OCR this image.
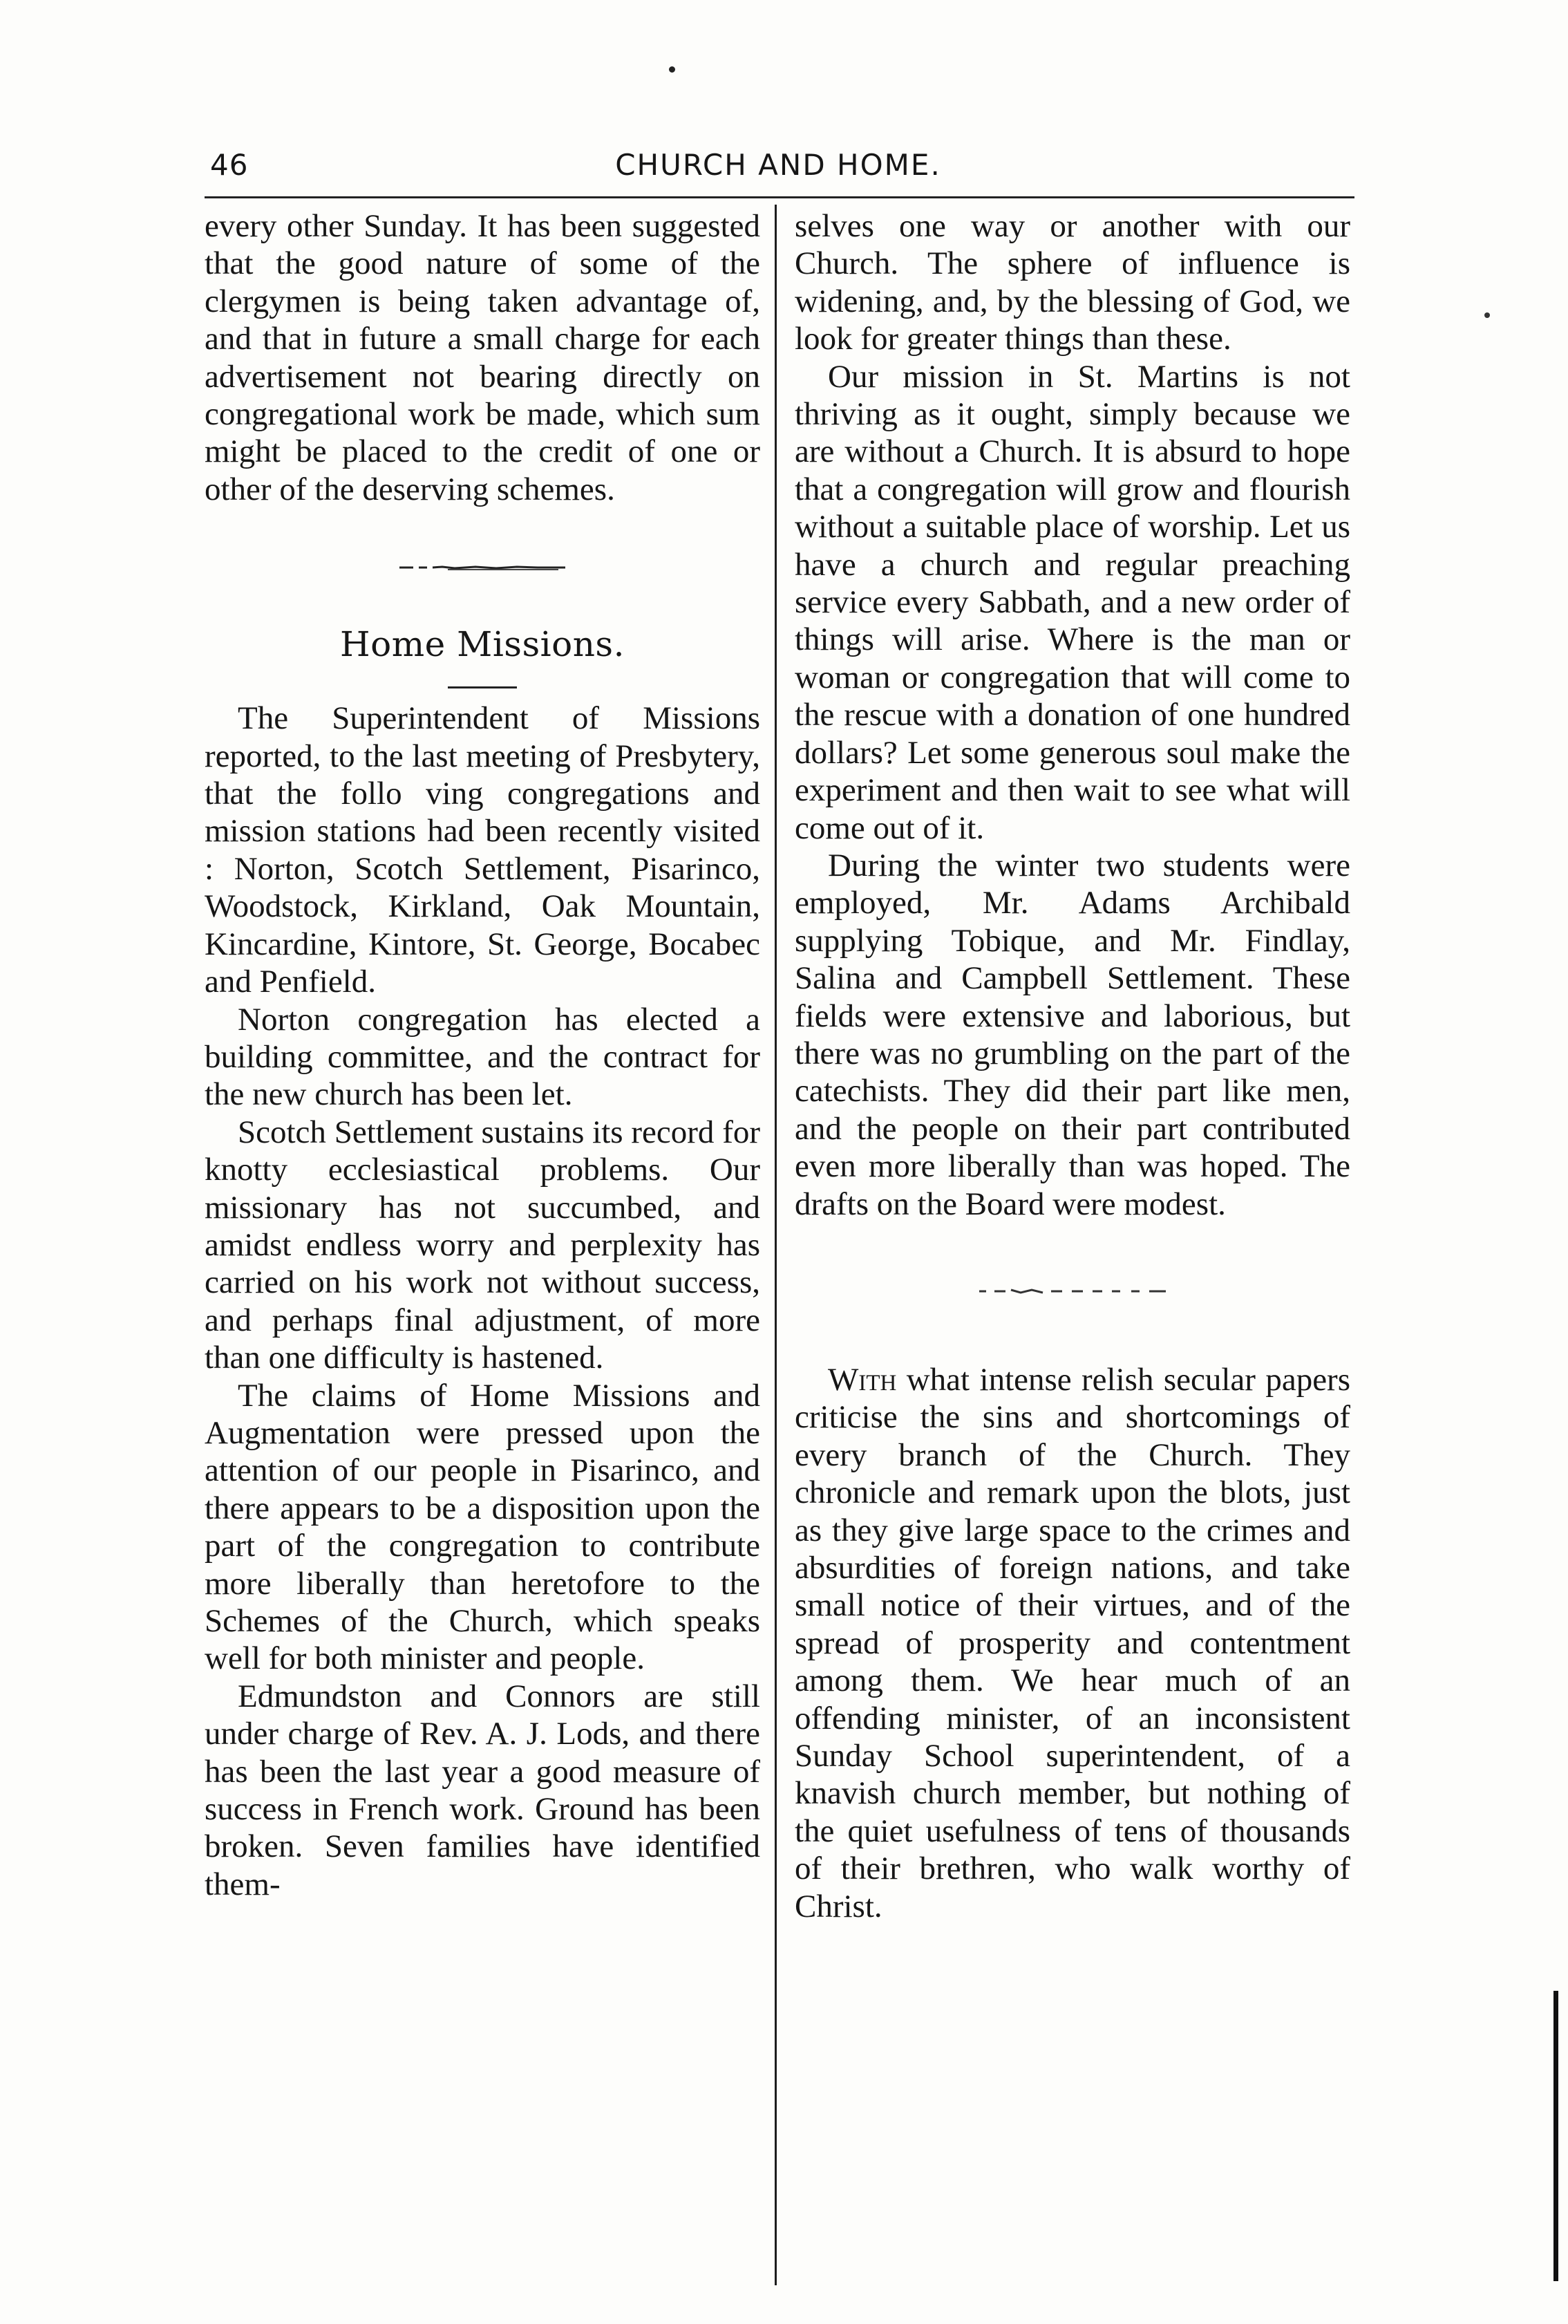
46	CHURCH AND HOME.

every other Sunday. It has been suggested that the good nature of some of the clergymen is being taken advantage of, and that in future a small charge for each advertisement not bearing directly on congregational work be made, which sum might be placed to the credit of one or other of the deserving schemes.

Home Missions.

The Superintendent of Missions reported, to the last meeting of Presbytery, that the follo ving congregations and mission stations had been recently visited : Norton, Scotch Settlement, Pisarinco, Woodstock, Kirkland, Oak Mountain, Kincardine, Kintore, St. George, Bocabec and Penfield.

Norton congregation has elected a building committee, and the contract for the new church has been let.

Scotch Settlement sustains its record for knotty ecclesiastical problems. Our missionary has not succumbed, and amidst endless worry and perplexity has carried on his work not without success, and perhaps final adjustment, of more than one difficulty is hastened.

The claims of Home Missions and Augmentation were pressed upon the attention of our people in Pisarinco, and there appears to be a disposition upon the part of the congregation to contribute more liberally than heretofore to the Schemes of the Church, which speaks well for both minister and people.

Edmundston and Connors are still under charge of Rev. A. J. Lods, and there has been the last year a good measure of success in French work. Ground has been broken. Seven families have identified them-

selves one way or another with our Church. The sphere of influence is widening, and, by the blessing of God, we look for greater things than these.

Our mission in St. Martins is not thriving as it ought, simply because we are without a Church. It is absurd to hope that a congregation will grow and flourish without a suitable place of worship. Let us have a church and regular preaching service every Sabbath, and a new order of things will arise. Where is the man or woman or congregation that will come to the rescue with a donation of one hundred dollars? Let some generous soul make the experiment and then wait to see what will come out of it.

During the winter two students were employed, Mr. Adams Archibald supplying Tobique, and Mr. Findlay, Salina and Campbell Settlement. These fields were extensive and laborious, but there was no grumbling on the part of the catechists. They did their part like men, and the people on their part contributed even more liberally than was hoped. The drafts on the Board were modest.

With what intense relish secular papers criticise the sins and shortcomings of every branch of the Church. They chronicle and remark upon the blots, just as they give large space to the crimes and absurdities of foreign nations, and take small notice of their virtues, and of the spread of prosperity and contentment among them. We hear much of an offending minister, of an inconsistent Sunday School superintendent, of a knavish church member, but nothing of the quiet usefulness of tens of thousands of their brethren, who walk worthy of Christ.
